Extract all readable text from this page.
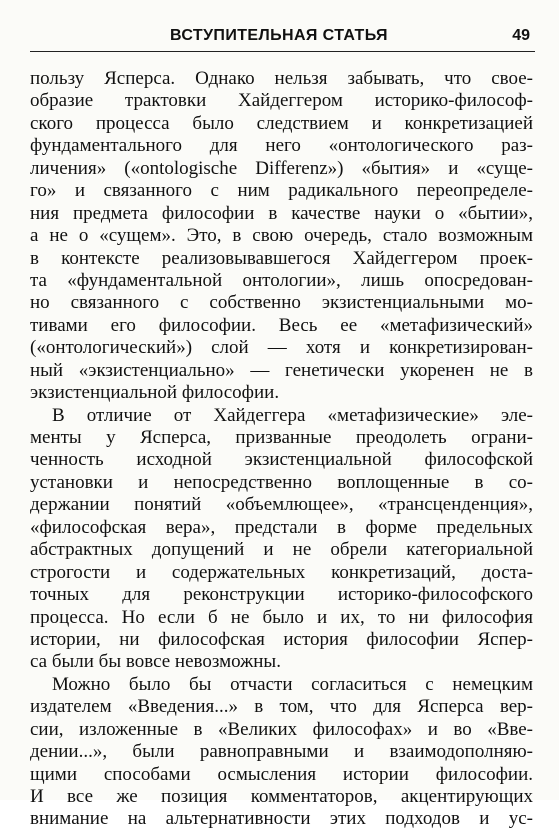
ВСТУПИТЕЛЬНАЯ СТАТЬЯ	49
пользу Ясперса. Однако нельзя забывать, что свое-
образие трактовки Хайдеггером историко-философ-
ского процесса было следствием и конкретизацией
фундаментального для него «онтологического раз-
личения» («ontologische Differenz») «бытия» и «суще-
го» и связанного с ним радикального переопределе-
ния предмета философии в качестве науки о «бытии»,
а не о «сущем». Это, в свою очередь, стало возможным
в контексте реализовывавшегося Хайдеггером проек-
та «фундаментальной онтологии», лишь опосредован-
но связанного с собственно экзистенциальными мо-
тивами его философии. Весь ее «метафизический»
(«онтологический») слой — хотя и конкретизирован-
ный «экзистенциально» — генетически укоренен не в
экзистенциальной философии.
В отличие от Хайдеггера «метафизические» эле-
менты у Ясперса, призванные преодолеть ограни-
ченность исходной экзистенциальной философской
установки и непосредственно воплощенные в со-
держании понятий «объемлющее», «трансценденция»,
«философская вера», предстали в форме предельных
абстрактных допущений и не обрели категориальной
строгости и содержательных конкретизаций, доста-
точных для реконструкции историко-философского
процесса. Но если б не было и их, то ни философия
истории, ни философская история философии Яспер-
са были бы вовсе невозможны.
Можно было бы отчасти согласиться с немецким
издателем «Введения...» в том, что для Ясперса вер-
сии, изложенные в «Великих философах» и во «Вве-
дении...», были равноправными и взаимодополняю-
щими способами осмысления истории философии.
И все же позиция комментаторов, акцентирующих
внимание на альтернативности этих подходов и ус-
